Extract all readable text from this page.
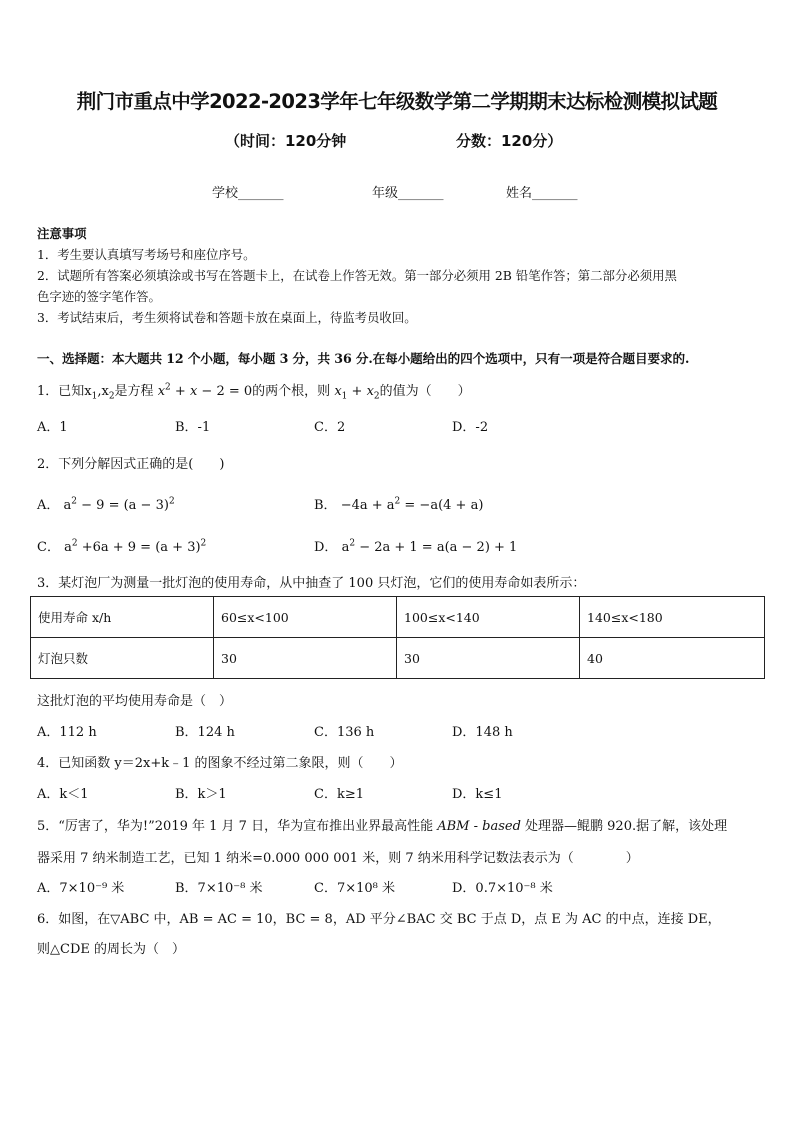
荆门市重点中学2022-2023学年七年级数学第二学期期末达标检测模拟试题
（时间：120分钟	分数：120分）
学校_______	年级_______	姓名_______
注意事项
1．考生要认真填写考场号和座位序号。
2．试题所有答案必须填涂或书写在答题卡上，在试卷上作答无效。第一部分必须用 2B 铅笔作答；第二部分必须用黑
色字迹的签字笔作答。
3．考试结束后，考生须将试卷和答题卡放在桌面上，待监考员收回。
一、选择题：本大题共 12 个小题，每小题 3 分，共 36 分.在每小题给出的四个选项中，只有一项是符合题目要求的.
1．已知$x_1,x_2$是方程 $x^2 + x - 2 = 0$的两个根，则 $x_1 + x_2$的值为（　　）
A．1	B．-1	C．2	D．-2
2．下列分解因式正确的是(　　)
A． $a^2 - 9 = (a - 3)^2$	B． $-4a + a^2 = -a(4 + a)$
C． $a^2 +6a + 9 = (a + 3)^2$	D． $a^2 - 2a + 1 = a(a - 2) + 1$
3．某灯泡厂为测量一批灯泡的使用寿命，从中抽查了 100 只灯泡，它们的使用寿命如表所示：
使用寿命 x/h	60≤x<100	100≤x<140	140≤x<180
灯泡只数	30	30	40
这批灯泡的平均使用寿命是（　）
A．112 h	B．124 h	C．136 h	D．148 h
4．已知函数 y＝2x+k﹣1 的图象不经过第二象限，则（　　）
A．k＜1	B．k＞1	C．k≥1	D．k≤1
5．“厉害了，华为!”2019 年 1 月 7 日，华为宣布推出业界最高性能 ABM - based 处理器—鲲鹏 920.据了解，该处理
器采用 7 纳米制造工艺，已知 1 纳米=0.000 000 001 米，则 7 纳米用科学记数法表示为（　　　　）
A．7×10⁻⁹ 米	B．7×10⁻⁸ 米	C．7×10⁸ 米	D．0.7×10⁻⁸ 米
6．如图，在▽ABC 中，AB = AC = 10，BC = 8，AD 平分∠BAC 交 BC 于点 D，点 E 为 AC 的中点，连接 DE，
则△CDE 的周长为（　）
